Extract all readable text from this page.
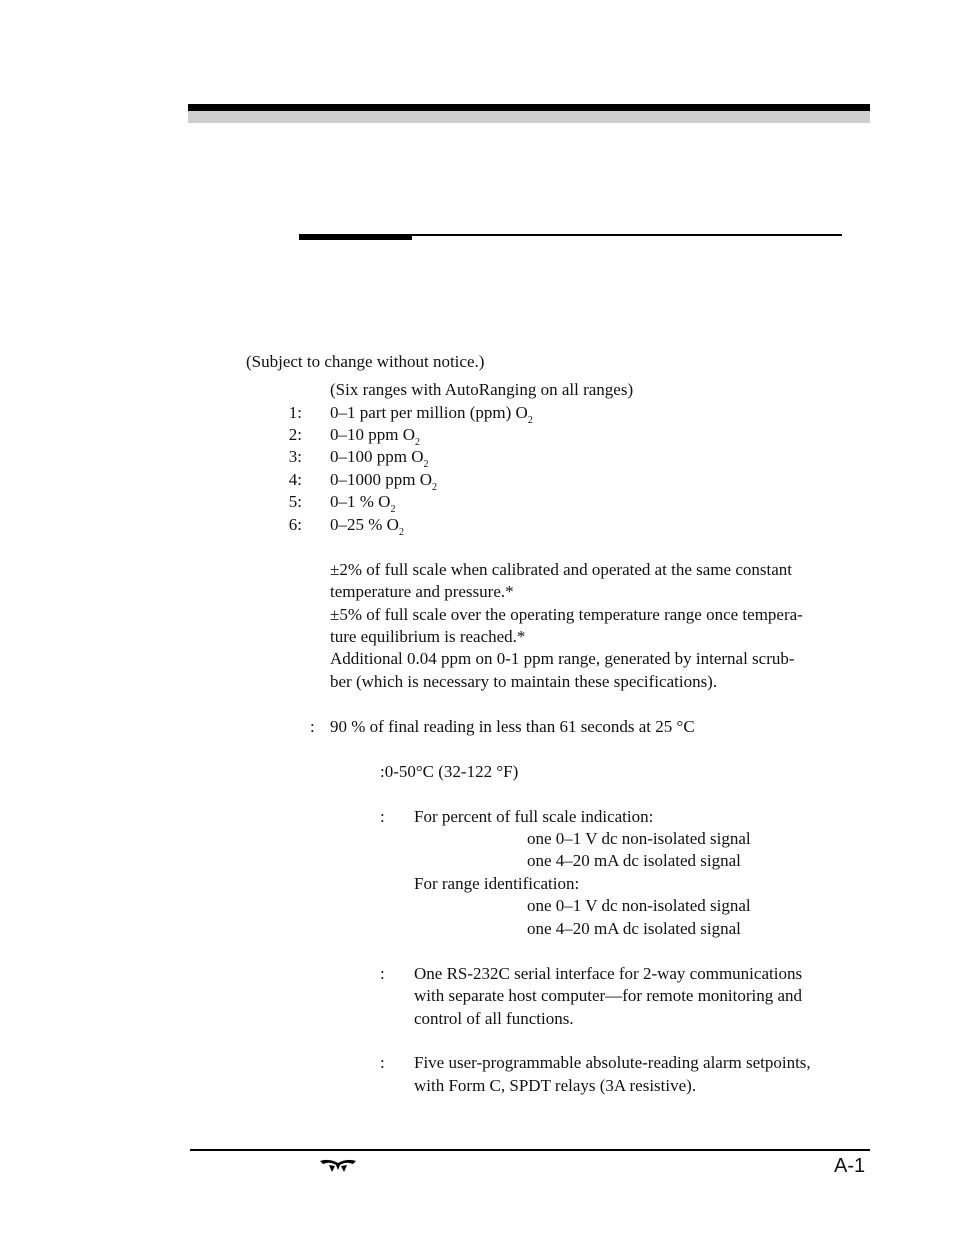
(Subject to change without notice.)
(Six ranges with AutoRanging on all ranges)
1: 0–1 part per million (ppm) $O_2$
2: 0–10 ppm $O_2$
3: 0–100 ppm $O_2$
4: 0–1000 ppm $O_2$
5: 0–1 % $O_2$
6: 0–25 % $O_2$
±2% of full scale when calibrated and operated at the same constant
temperature and pressure.*
±5% of full scale over the operating temperature range once tempera-
ture equilibrium is reached.*
Additional 0.04 ppm on 0-1 ppm range, generated by internal scrub-
ber (which is necessary to maintain these specifications).
: 90 % of final reading in less than 61 seconds at 25 °C
:0-50°C (32-122 °F)
: For percent of full scale indication:
one 0–1 V dc non-isolated signal
one 4–20 mA dc isolated signal
For range identification:
one 0–1 V dc non-isolated signal
one 4–20 mA dc isolated signal
: One RS-232C serial interface for 2-way communications
with separate host computer—for remote monitoring and
control of all functions.
: Five user-programmable absolute-reading alarm setpoints,
with Form C, SPDT relays (3A resistive).
A-1
